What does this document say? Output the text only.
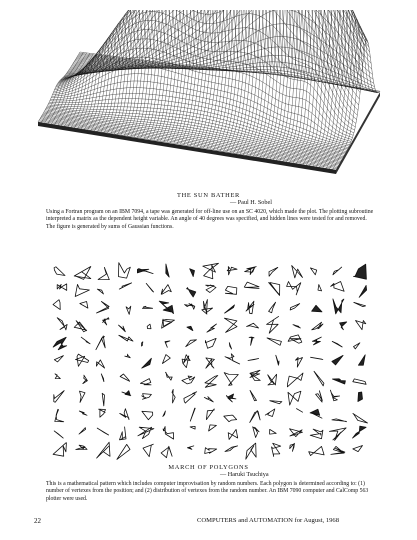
THE SUN BATHER
— Paul H. Sobel

Using a Fortran program on an IBM 7094, a tape was generated for off-line use on an SC 4020, which made the plot. The plotting subroutine interpreted a matrix as the dependent height variable. An angle of 40 degrees was specified, and hidden lines were tested for and removed. The figure is generated by sums of Gaussian functions.

MARCH OF POLYGONS
— Haruki Tsuchiya

This is a mathematical pattern which includes computer improvisation by random numbers. Each polygon is determined according to: (1) number of vertexes from the position; and (2) distribution of vertexes from the random number. An IBM 7090 computer and CalComp 563 plotter were used.

22	COMPUTERS and AUTOMATION for August, 1968
